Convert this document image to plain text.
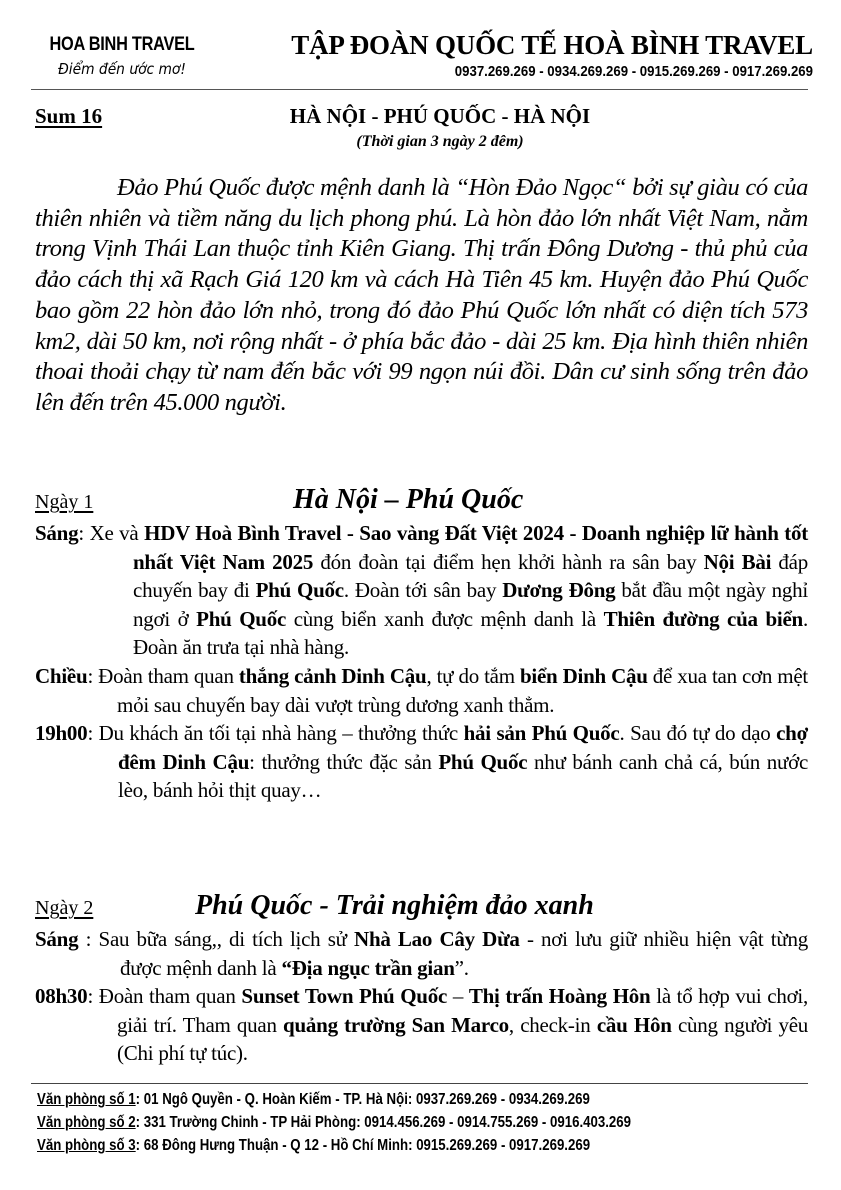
HOA BINH TRAVEL
Điểm đến ước mơ!
TẬP ĐOÀN QUỐC TẾ HOÀ BÌNH TRAVEL
0937.269.269 - 0934.269.269 - 0915.269.269 - 0917.269.269
Sum 16	HÀ NỘI - PHÚ QUỐC - HÀ NỘI
(Thời gian 3 ngày 2 đêm)
Đảo Phú Quốc được mệnh danh là “Hòn Đảo Ngọc“ bởi sự giàu có của thiên nhiên và tiềm năng du lịch phong phú. Là hòn đảo lớn nhất Việt Nam, nằm trong Vịnh Thái Lan thuộc tỉnh Kiên Giang. Thị trấn Đông Dương - thủ phủ của đảo cách thị xã Rạch Giá 120 km và cách Hà Tiên 45 km. Huyện đảo Phú Quốc bao gồm 22 hòn đảo lớn nhỏ, trong đó đảo Phú Quốc lớn nhất có diện tích 573 km2, dài 50 km, nơi rộng nhất - ở phía bắc đảo - dài 25 km. Địa hình thiên nhiên thoai thoải chạy từ nam đến bắc với 99 ngọn núi đồi. Dân cư sinh sống trên đảo lên đến trên 45.000 người.
Ngày 1	Hà Nội – Phú Quốc
Sáng: Xe và HDV Hoà Bình Travel - Sao vàng Đất Việt 2024 - Doanh nghiệp lữ hành tốt nhất Việt Nam 2025 đón đoàn tại điểm hẹn khởi hành ra sân bay Nội Bài đáp chuyến bay đi Phú Quốc. Đoàn tới sân bay Dương Đông bắt đầu một ngày nghỉ ngơi ở Phú Quốc cùng biển xanh được mệnh danh là Thiên đường của biển. Đoàn ăn trưa tại nhà hàng.
Chiều: Đoàn tham quan thắng cảnh Dinh Cậu, tự do tắm biển Dinh Cậu để xua tan cơn mệt mỏi sau chuyến bay dài vượt trùng dương xanh thẳm.
19h00: Du khách ăn tối tại nhà hàng – thưởng thức hải sản Phú Quốc. Sau đó tự do dạo chợ đêm Dinh Cậu: thưởng thức đặc sản Phú Quốc như bánh canh chả cá, bún nước lèo, bánh hỏi thịt quay…
Ngày 2	Phú Quốc - Trải nghiệm đảo xanh
Sáng : Sau bữa sáng,, di tích lịch sử Nhà Lao Cây Dừa - nơi lưu giữ nhiều hiện vật từng được mệnh danh là “Địa ngục trần gian”.
08h30: Đoàn tham quan Sunset Town Phú Quốc – Thị trấn Hoàng Hôn là tổ hợp vui chơi, giải trí. Tham quan quảng trường San Marco, check-in cầu Hôn cùng người yêu (Chi phí tự túc).
Văn phòng số 1: 01 Ngô Quyền - Q. Hoàn Kiếm - TP. Hà Nội: 0937.269.269 - 0934.269.269
Văn phòng số 2: 331 Trường Chinh - TP Hải Phòng: 0914.456.269 - 0914.755.269 - 0916.403.269
Văn phòng số 3: 68 Đông Hưng Thuận - Q 12 - Hồ Chí Minh: 0915.269.269 - 0917.269.269
